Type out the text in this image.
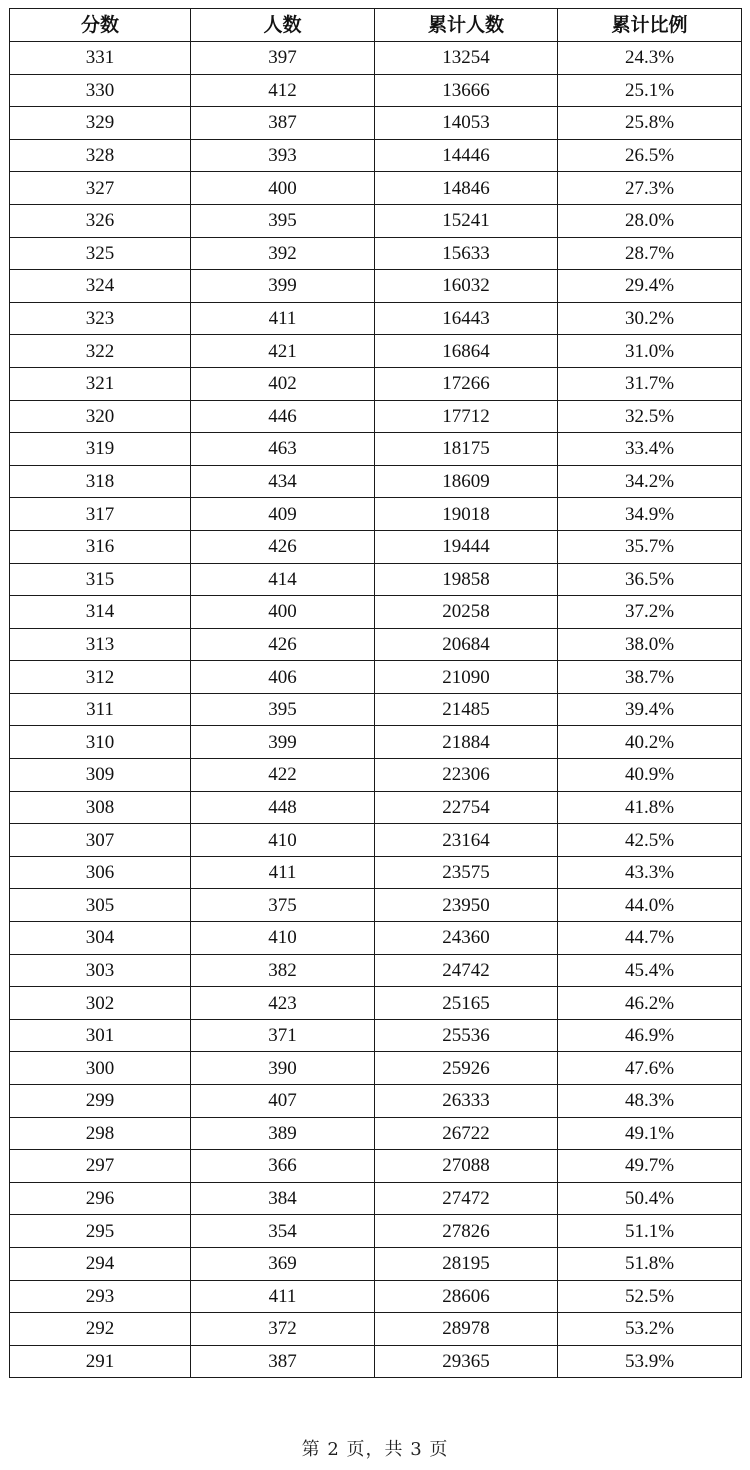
分数	人数	累计人数	累计比例
331	397	13254	24.3%
330	412	13666	25.1%
329	387	14053	25.8%
328	393	14446	26.5%
327	400	14846	27.3%
326	395	15241	28.0%
325	392	15633	28.7%
324	399	16032	29.4%
323	411	16443	30.2%
322	421	16864	31.0%
321	402	17266	31.7%
320	446	17712	32.5%
319	463	18175	33.4%
318	434	18609	34.2%
317	409	19018	34.9%
316	426	19444	35.7%
315	414	19858	36.5%
314	400	20258	37.2%
313	426	20684	38.0%
312	406	21090	38.7%
311	395	21485	39.4%
310	399	21884	40.2%
309	422	22306	40.9%
308	448	22754	41.8%
307	410	23164	42.5%
306	411	23575	43.3%
305	375	23950	44.0%
304	410	24360	44.7%
303	382	24742	45.4%
302	423	25165	46.2%
301	371	25536	46.9%
300	390	25926	47.6%
299	407	26333	48.3%
298	389	26722	49.1%
297	366	27088	49.7%
296	384	27472	50.4%
295	354	27826	51.1%
294	369	28195	51.8%
293	411	28606	52.5%
292	372	28978	53.2%
291	387	29365	53.9%
第 2 页，共 3 页
